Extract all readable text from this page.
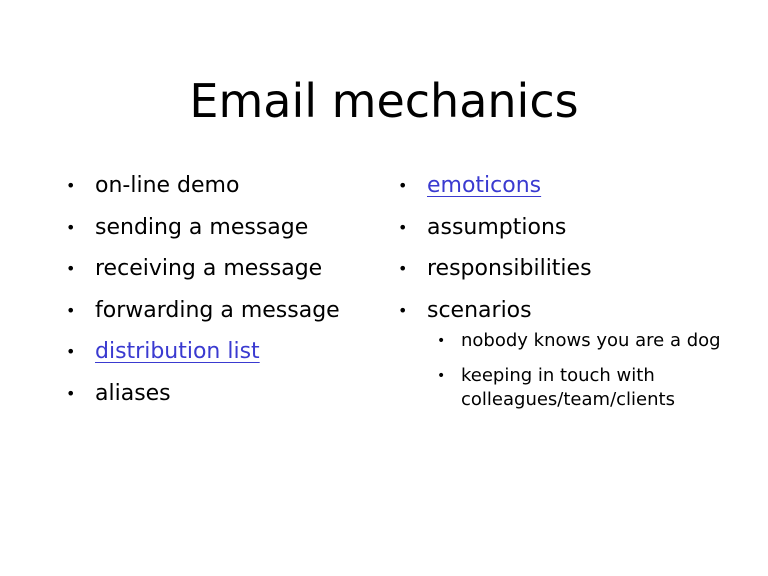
Email mechanics
• on-line demo
• sending a message
• receiving a message
• forwarding a message
• distribution list
• aliases
• emoticons
• assumptions
• responsibilities
• scenarios
• nobody knows you are a dog
• keeping in touch with colleagues/team/clients
